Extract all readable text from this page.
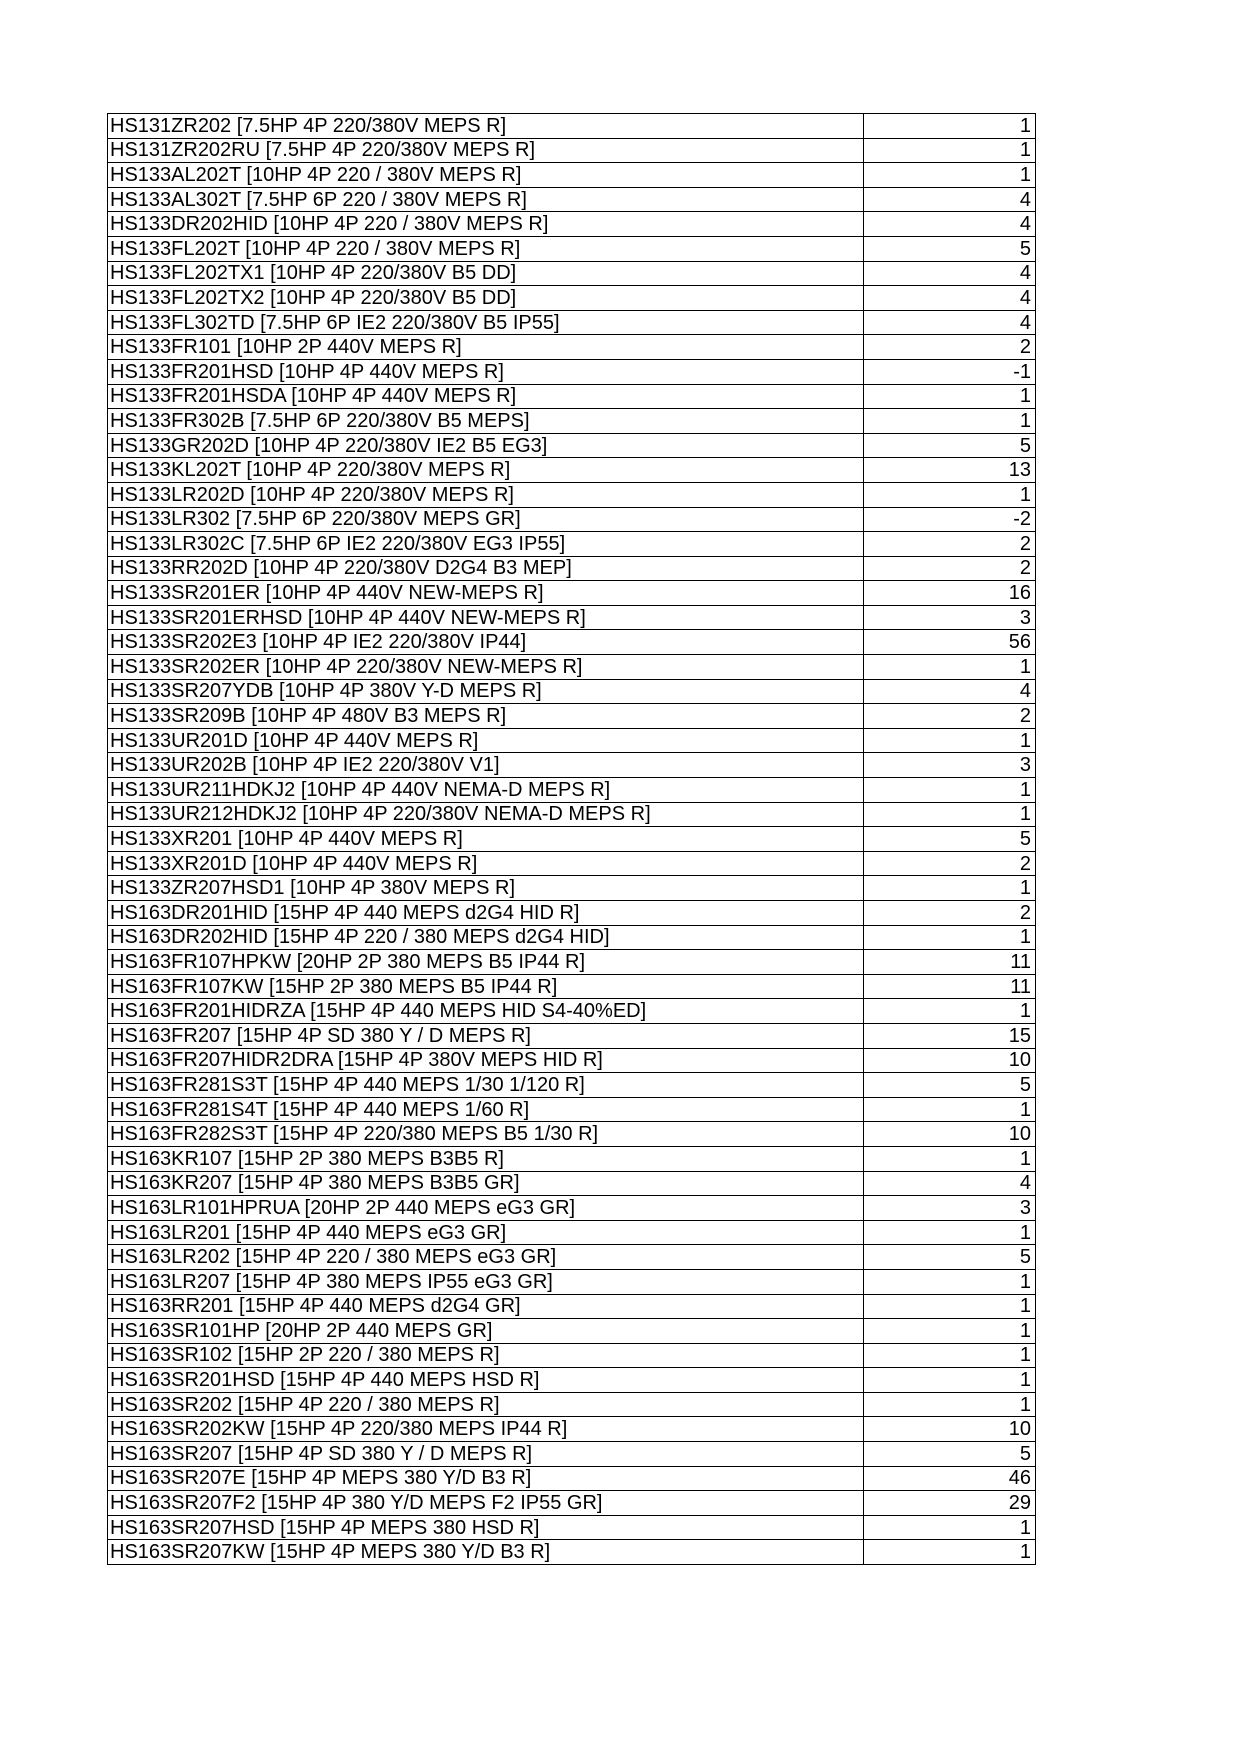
HS131ZR202 [7.5HP 4P 220/380V MEPS R]	1
HS131ZR202RU [7.5HP 4P 220/380V MEPS R]	1
HS133AL202T [10HP 4P 220 / 380V MEPS R]	1
HS133AL302T [7.5HP 6P 220 / 380V MEPS R]	4
HS133DR202HID [10HP 4P 220 / 380V MEPS R]	4
HS133FL202T [10HP 4P 220 / 380V MEPS R]	5
HS133FL202TX1 [10HP 4P 220/380V B5 DD]	4
HS133FL202TX2 [10HP 4P 220/380V B5 DD]	4
HS133FL302TD [7.5HP 6P IE2 220/380V B5 IP55]	4
HS133FR101 [10HP 2P 440V MEPS R]	2
HS133FR201HSD [10HP 4P 440V MEPS R]	-1
HS133FR201HSDA [10HP 4P 440V MEPS R]	1
HS133FR302B [7.5HP 6P 220/380V B5 MEPS]	1
HS133GR202D [10HP 4P 220/380V IE2 B5 EG3]	5
HS133KL202T [10HP 4P 220/380V MEPS R]	13
HS133LR202D [10HP 4P 220/380V MEPS R]	1
HS133LR302 [7.5HP 6P 220/380V MEPS GR]	-2
HS133LR302C [7.5HP 6P IE2 220/380V EG3 IP55]	2
HS133RR202D [10HP 4P 220/380V D2G4 B3 MEP]	2
HS133SR201ER [10HP 4P 440V NEW-MEPS R]	16
HS133SR201ERHSD [10HP 4P 440V NEW-MEPS R]	3
HS133SR202E3 [10HP 4P IE2 220/380V IP44]	56
HS133SR202ER [10HP 4P 220/380V NEW-MEPS R]	1
HS133SR207YDB [10HP 4P 380V Y-D MEPS R]	4
HS133SR209B [10HP 4P 480V B3 MEPS R]	2
HS133UR201D [10HP 4P 440V MEPS R]	1
HS133UR202B [10HP 4P IE2 220/380V V1]	3
HS133UR211HDKJ2 [10HP 4P 440V NEMA-D MEPS R]	1
HS133UR212HDKJ2 [10HP 4P 220/380V NEMA-D MEPS R]	1
HS133XR201 [10HP 4P 440V MEPS R]	5
HS133XR201D [10HP 4P 440V MEPS R]	2
HS133ZR207HSD1 [10HP 4P 380V MEPS R]	1
HS163DR201HID [15HP 4P 440 MEPS d2G4 HID R]	2
HS163DR202HID [15HP 4P 220 / 380 MEPS d2G4 HID]	1
HS163FR107HPKW [20HP 2P 380 MEPS B5 IP44 R]	11
HS163FR107KW [15HP 2P 380 MEPS B5 IP44 R]	11
HS163FR201HIDRZA [15HP 4P 440 MEPS HID S4-40%ED]	1
HS163FR207 [15HP 4P SD 380 Y / D MEPS R]	15
HS163FR207HIDR2DRA [15HP 4P 380V MEPS HID R]	10
HS163FR281S3T [15HP 4P 440 MEPS 1/30 1/120 R]	5
HS163FR281S4T [15HP 4P 440 MEPS 1/60 R]	1
HS163FR282S3T [15HP 4P 220/380 MEPS B5 1/30 R]	10
HS163KR107 [15HP 2P 380 MEPS B3B5 R]	1
HS163KR207 [15HP 4P 380 MEPS B3B5 GR]	4
HS163LR101HPRUA [20HP 2P 440 MEPS eG3 GR]	3
HS163LR201 [15HP 4P 440 MEPS eG3 GR]	1
HS163LR202 [15HP 4P 220 / 380 MEPS eG3 GR]	5
HS163LR207 [15HP 4P 380 MEPS IP55 eG3 GR]	1
HS163RR201 [15HP 4P 440 MEPS d2G4 GR]	1
HS163SR101HP [20HP 2P 440 MEPS GR]	1
HS163SR102 [15HP 2P 220 / 380 MEPS R]	1
HS163SR201HSD [15HP 4P 440 MEPS HSD R]	1
HS163SR202 [15HP 4P 220 / 380 MEPS R]	1
HS163SR202KW [15HP 4P 220/380 MEPS IP44 R]	10
HS163SR207 [15HP 4P SD 380 Y / D MEPS R]	5
HS163SR207E [15HP 4P MEPS 380 Y/D B3 R]	46
HS163SR207F2 [15HP 4P 380 Y/D MEPS F2 IP55 GR]	29
HS163SR207HSD [15HP 4P MEPS 380 HSD R]	1
HS163SR207KW [15HP 4P MEPS 380 Y/D B3 R]	1
